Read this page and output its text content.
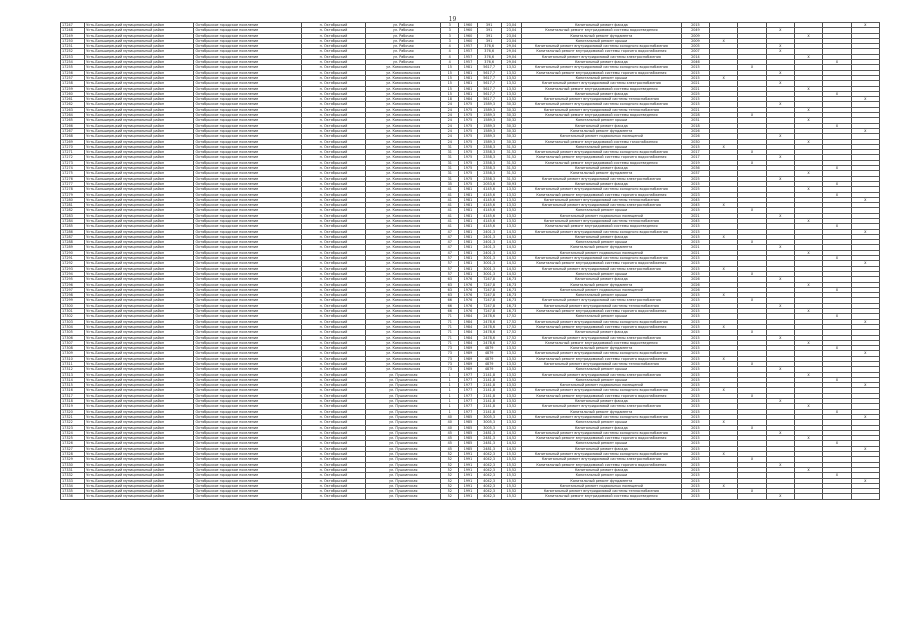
19
17247	Усть-Большерецкий муниципальный район	Октябрьское городское поселение	п. Октябрьский	ул. Рабочая	3	1960	391	23,04	Капитальный ремонт фасада	2015						X
17248	Усть-Большерецкий муниципальный район	Октябрьское городское поселение	п. Октябрьский	ул. Рабочая	3	1960	391	23,04	Капитальный ремонт внутридомовой системы водоотведения	2049			X			
17249	Усть-Большерецкий муниципальный район	Октябрьское городское поселение	п. Октябрьский	ул. Рабочая	3	1960	391	23,04	Капитальный ремонт фундамента	2009				X		
17250	Усть-Большерецкий муниципальный район	Октябрьское городское поселение	п. Октябрьский	ул. Рабочая	3	1960	391	23,04	Капитальный ремонт крыши	2009	X					
17251	Усть-Большерецкий муниципальный район	Октябрьское городское поселение	п. Октябрьский	ул. Рабочая	4	1957	376,6	29,04	Капитальный ремонт внутридомовой системы холодного водоснабжения	2005			X			
17252	Усть-Большерецкий муниципальный район	Октябрьское городское поселение	п. Октябрьский	ул. Рабочая	4	1957	376,6	29,04	Капитальный ремонт внутридомовой системы горячего водоснабжения	2007			X			
17253	Усть-Большерецкий муниципальный район	Октябрьское городское поселение	п. Октябрьский	ул. Рабочая	4	1957	376,6	29,04	Капитальный ремонт внутридомовой системы электроснабжения	2014				X		
17254	Усть-Большерецкий муниципальный район	Октябрьское городское поселение	п. Октябрьский	ул. Рабочая	4	1957	376,6	29,04	Капитальный ремонт фасада	2046					X	
17255	Усть-Большерецкий муниципальный район	Октябрьское городское поселение	п. Октябрьский	ул. Комсомольская	15	1981	5617,7	13,52	Капитальный ремонт внутридомовой системы холодного водоснабжения	2015		X				
17256	Усть-Большерецкий муниципальный район	Октябрьское городское поселение	п. Октябрьский	ул. Комсомольская	15	1981	5617,7	13,52	Капитальный ремонт внутридомовой системы горячего водоснабжения	2015			X			
17257	Усть-Большерецкий муниципальный район	Октябрьское городское поселение	п. Октябрьский	ул. Комсомольская	15	1981	5617,7	13,52	Капитальный ремонт крыши	2015	X					
17258	Усть-Большерецкий муниципальный район	Октябрьское городское поселение	п. Октябрьский	ул. Комсомольская	15	1981	5617,7	13,52	Капитальный ремонт внутридомовой системы электроснабжения	2021			X			
17259	Усть-Большерецкий муниципальный район	Октябрьское городское поселение	п. Октябрьский	ул. Комсомольская	15	1981	5617,7	13,52	Капитальный ремонт внутридомовой системы водоотведения	2021				X		
17260	Усть-Большерецкий муниципальный район	Октябрьское городское поселение	п. Октябрьский	ул. Комсомольская	15	1981	5617,7	13,52	Капитальный ремонт фасада	2025					X	
17261	Усть-Большерецкий муниципальный район	Октябрьское городское поселение	п. Октябрьский	ул. Комсомольская	18	1984	5617,7	13,52	Капитальный ремонт внутридомовой системы теплоснабжения	2015						X
17262	Усть-Большерецкий муниципальный район	Октябрьское городское поселение	п. Октябрьский	ул. Комсомольская	24	1975	1589,3	30,32	Капитальный ремонт внутридомовой системы холодного водоснабжения	2015			X			
17263	Усть-Большерецкий муниципальный район	Октябрьское городское поселение	п. Октябрьский	ул. Комсомольская	24	1975	1589,3	30,32	Капитальный ремонт внутридомовой системы теплоснабжения	2021				X		
17264	Усть-Большерецкий муниципальный район	Октябрьское городское поселение	п. Октябрьский	ул. Комсомольская	24	1975	1589,3	30,32	Капитальный ремонт внутридомовой системы водоотведения	2028		X				
17265	Усть-Большерецкий муниципальный район	Октябрьское городское поселение	п. Октябрьский	ул. Комсомольская	24	1975	1589,3	30,32	Капитальный ремонт крыши	2031				X		
17266	Усть-Большерецкий муниципальный район	Октябрьское городское поселение	п. Октябрьский	ул. Комсомольская	24	1975	1589,3	30,32	Капитальный ремонт фасада	2018					X	
17267	Усть-Большерецкий муниципальный район	Октябрьское городское поселение	п. Октябрьский	ул. Комсомольская	24	1975	1589,3	30,32	Капитальный ремонт фундамента	2026						X
17268	Усть-Большерецкий муниципальный район	Октябрьское городское поселение	п. Октябрьский	ул. Комсомольская	24	1975	1589,3	30,32	Капитальный ремонт подвальных помещений	2026			X			
17269	Усть-Большерецкий муниципальный район	Октябрьское городское поселение	п. Октябрьский	ул. Комсомольская	24	1975	1589,3	30,32	Капитальный ремонт внутридомовой системы газоснабжения	2030				X		
17270	Усть-Большерецкий муниципальный район	Октябрьское городское поселение	п. Октябрьский	ул. Комсомольская	31	1975	2358,3	31,52	Капитальный ремонт крыши	2015	X					
17271	Усть-Большерецкий муниципальный район	Октябрьское городское поселение	п. Октябрьский	ул. Комсомольская	31	1975	2358,3	31,52	Капитальный ремонт внутридомовой системы холодного водоснабжения	2017		X				
17272	Усть-Большерецкий муниципальный район	Октябрьское городское поселение	п. Октябрьский	ул. Комсомольская	31	1975	2358,3	31,52	Капитальный ремонт внутридомовой системы горячего водоснабжения	2017			X			
17273	Усть-Большерецкий муниципальный район	Октябрьское городское поселение	п. Октябрьский	ул. Комсомольская	31	1975	2358,3	31,52	Капитальный ремонт внутридомовой системы водоотведения	2019		X				
17274	Усть-Большерецкий муниципальный район	Октябрьское городское поселение	п. Октябрьский	ул. Комсомольская	31	1975	2358,3	31,52	Капитальный ремонт фасада	2036					X	
17275	Усть-Большерецкий муниципальный район	Октябрьское городское поселение	п. Октябрьский	ул. Комсомольская	31	1975	2358,3	31,52	Капитальный ремонт фундамента	2037				X		
17276	Усть-Большерецкий муниципальный район	Октябрьское городское поселение	п. Октябрьский	ул. Комсомольская	31	1975	2358,3	31,52	Капитальный ремонт внутридомовой системы электроснабжения	2025			X			
17277	Усть-Большерецкий муниципальный район	Октябрьское городское поселение	п. Октябрьский	ул. Комсомольская	35	1975	2053,6	30,93	Капитальный ремонт фасада	2015					X	
17278	Усть-Большерецкий муниципальный район	Октябрьское городское поселение	п. Октябрьский	ул. Комсомольская	41	1981	4145,6	13,52	Капитальный ремонт внутридомовой системы холодного водоснабжения	2025				X		
17279	Усть-Большерецкий муниципальный район	Октябрьское городское поселение	п. Октябрьский	ул. Комсомольская	41	1981	4145,6	13,52	Капитальный ремонт внутридомовой системы горячего водоснабжения	2023					X	
17280	Усть-Большерецкий муниципальный район	Октябрьское городское поселение	п. Октябрьский	ул. Комсомольская	41	1981	4145,6	13,52	Капитальный ремонт внутридомовой системы теплоснабжения	2045						X
17281	Усть-Большерецкий муниципальный район	Октябрьское городское поселение	п. Октябрьский	ул. Комсомольская	41	1981	4145,6	13,52	Капитальный ремонт внутридомовой системы электроснабжения	2045	X					
17282	Усть-Большерецкий муниципальный район	Октябрьское городское поселение	п. Октябрьский	ул. Комсомольская	41	1981	4145,6	13,52	Капитальный ремонт крыши	2015		X				
17283	Усть-Большерецкий муниципальный район	Октябрьское городское поселение	п. Октябрьский	ул. Комсомольская	41	1981	4145,6	13,52	Капитальный ремонт подвальных помещений	2021			X			
17284	Усть-Большерецкий муниципальный район	Октябрьское городское поселение	п. Октябрьский	ул. Комсомольская	41	1981	4145,6	13,52	Капитальный ремонт внутридомовой системы теплоснабжения	2045				X		
17285	Усть-Большерецкий муниципальный район	Октябрьское городское поселение	п. Октябрьский	ул. Комсомольская	41	1981	4145,6	13,52	Капитальный ремонт внутридомовой системы водоотведения	2015					X	
17286	Усть-Большерецкий муниципальный район	Октябрьское городское поселение	п. Октябрьский	ул. Комсомольская	47	1981	2401,3	14,52	Капитальный ремонт внутридомовой системы холодного водоснабжения	2015						X
17287	Усть-Большерецкий муниципальный район	Октябрьское городское поселение	п. Октябрьский	ул. Комсомольская	47	1981	2401,3	14,52	Капитальный ремонт фасада	2015	X					
17288	Усть-Большерецкий муниципальный район	Октябрьское городское поселение	п. Октябрьский	ул. Комсомольская	47	1981	2401,3	14,52	Капитальный ремонт крыши	2015		X				
17289	Усть-Большерецкий муниципальный район	Октябрьское городское поселение	п. Октябрьский	ул. Комсомольская	47	1981	2401,3	14,52	Капитальный ремонт фундамента	2021			X			
17290	Усть-Большерецкий муниципальный район	Октябрьское городское поселение	п. Октябрьский	ул. Комсомольская	47	1981	2401,3	14,52	Капитальный ремонт подвальных помещений	2021				X		
17291	Усть-Большерецкий муниципальный район	Октябрьское городское поселение	п. Октябрьский	ул. Комсомольская	57	1981	3001,3	14,52	Капитальный ремонт внутридомовой системы холодного водоснабжения	2015					X	
17292	Усть-Большерецкий муниципальный район	Октябрьское городское поселение	п. Октябрьский	ул. Комсомольская	57	1981	3001,3	14,52	Капитальный ремонт внутридомовой системы горячего водоснабжения	2015						X
17293	Усть-Большерецкий муниципальный район	Октябрьское городское поселение	п. Октябрьский	ул. Комсомольская	57	1981	3001,3	14,52	Капитальный ремонт внутридомовой системы электроснабжения	2015	X					
17294	Усть-Большерецкий муниципальный район	Октябрьское городское поселение	п. Октябрьский	ул. Комсомольская	57	1981	3001,3	14,52	Капитальный ремонт крыши	2015		X				
17295	Усть-Большерецкий муниципальный район	Октябрьское городское поселение	п. Октябрьский	ул. Комсомольская	63	1976	7247,8	16,73	Капитальный ремонт фасада	2026			X			
17296	Усть-Большерецкий муниципальный район	Октябрьское городское поселение	п. Октябрьский	ул. Комсомольская	63	1976	7247,8	16,73	Капитальный ремонт фундамента	2026				X		
17297	Усть-Большерецкий муниципальный район	Октябрьское городское поселение	п. Октябрьский	ул. Комсомольская	63	1976	7247,8	16,73	Капитальный ремонт подвальных помещений	2026					X	
17298	Усть-Большерецкий муниципальный район	Октябрьское городское поселение	п. Октябрьский	ул. Комсомольская	63	1976	7247,8	16,73	Капитальный ремонт крыши	2015	X					
17299	Усть-Большерецкий муниципальный район	Октябрьское городское поселение	п. Октябрьский	ул. Комсомольская	66	1976	7247,8	16,73	Капитальный ремонт внутридомовой системы электроснабжения	2015		X				
17300	Усть-Большерецкий муниципальный район	Октябрьское городское поселение	п. Октябрьский	ул. Комсомольская	66	1976	7247,8	16,73	Капитальный ремонт внутридомовой системы теплоснабжения	2015			X			
17301	Усть-Большерецкий муниципальный район	Октябрьское городское поселение	п. Октябрьский	ул. Комсомольская	66	1976	7247,8	16,73	Капитальный ремонт внутридомовой системы горячего водоснабжения	2015				X		
17302	Усть-Большерецкий муниципальный район	Октябрьское городское поселение	п. Октябрьский	ул. Комсомольская	71	1984	2478,6	17,52	Капитальный ремонт крыши	2015					X	
17303	Усть-Большерецкий муниципальный район	Октябрьское городское поселение	п. Октябрьский	ул. Комсомольская	71	1984	2478,6	17,52	Капитальный ремонт внутридомовой системы холодного водоснабжения	2015						X
17304	Усть-Большерецкий муниципальный район	Октябрьское городское поселение	п. Октябрьский	ул. Комсомольская	71	1984	2478,6	17,52	Капитальный ремонт внутридомовой системы горячего водоснабжения	2015	X					
17305	Усть-Большерецкий муниципальный район	Октябрьское городское поселение	п. Октябрьский	ул. Комсомольская	71	1984	2478,6	17,52	Капитальный ремонт фасада	2015		X				
17306	Усть-Большерецкий муниципальный район	Октябрьское городское поселение	п. Октябрьский	ул. Комсомольская	71	1984	2478,6	17,52	Капитальный ремонт внутридомовой системы электроснабжения	2015			X			
17307	Усть-Большерецкий муниципальный район	Октябрьское городское поселение	п. Октябрьский	ул. Комсомольская	71	1984	2478,6	17,52	Капитальный ремонт внутридомовой системы водоотведения	2015				X		
17308	Усть-Большерецкий муниципальный район	Октябрьское городское поселение	п. Октябрьский	ул. Комсомольская	73	1989	4879	13,52	Капитальный ремонт фундамента	2015					X	
17309	Усть-Большерецкий муниципальный район	Октябрьское городское поселение	п. Октябрьский	ул. Комсомольская	73	1989	4879	13,52	Капитальный ремонт внутридомовой системы холодного водоснабжения	2015						X
17310	Усть-Большерецкий муниципальный район	Октябрьское городское поселение	п. Октябрьский	ул. Комсомольская	73	1989	4879	13,52	Капитальный ремонт внутридомовой системы горячего водоснабжения	2015	X					
17311	Усть-Большерецкий муниципальный район	Октябрьское городское поселение	п. Октябрьский	ул. Комсомольская	73	1989	4879	13,52	Капитальный ремонт внутридомовой системы теплоснабжения	2015		X				
17312	Усть-Большерецкий муниципальный район	Октябрьское городское поселение	п. Октябрьский	ул. Комсомольская	73	1989	4879	13,52	Капитальный ремонт крыши	2015			X			
17313	Усть-Большерецкий муниципальный район	Октябрьское городское поселение	п. Октябрьский	ул. Пушкинская	1	1977	2141,8	13,52	Капитальный ремонт внутридомовой системы электроснабжения	2015				X		
17314	Усть-Большерецкий муниципальный район	Октябрьское городское поселение	п. Октябрьский	ул. Пушкинская	1	1977	2141,8	13,52	Капитальный ремонт крыши	2015					X	
17315	Усть-Большерецкий муниципальный район	Октябрьское городское поселение	п. Октябрьский	ул. Пушкинская	1	1977	2141,8	13,52	Капитальный ремонт подвальных помещений	2015						X
17316	Усть-Большерецкий муниципальный район	Октябрьское городское поселение	п. Октябрьский	ул. Пушкинская	1	1977	2141,8	13,52	Капитальный ремонт внутридомовой системы холодного водоснабжения	2015	X					
17317	Усть-Большерецкий муниципальный район	Октябрьское городское поселение	п. Октябрьский	ул. Пушкинская	1	1977	2141,8	13,52	Капитальный ремонт внутридомовой системы горячего водоснабжения	2015		X				
17318	Усть-Большерецкий муниципальный район	Октябрьское городское поселение	п. Октябрьский	ул. Пушкинская	1	1977	2141,8	13,52	Капитальный ремонт фасада	2015			X			
17319	Усть-Большерецкий муниципальный район	Октябрьское городское поселение	п. Октябрьский	ул. Пушкинская	1	1977	2141,8	13,52	Капитальный ремонт внутридомовой системы электроснабжения	2015				X		
17320	Усть-Большерецкий муниципальный район	Октябрьское городское поселение	п. Октябрьский	ул. Пушкинская	1	1977	2141,8	13,52	Капитальный ремонт фундамента	2015					X	
17321	Усть-Большерецкий муниципальный район	Октябрьское городское поселение	п. Октябрьский	ул. Пушкинская	40	1985	3005,3	13,52	Капитальный ремонт внутридомовой системы холодного водоснабжения	2015						X
17322	Усть-Большерецкий муниципальный район	Октябрьское городское поселение	п. Октябрьский	ул. Пушкинская	40	1985	3005,3	13,52	Капитальный ремонт крыши	2015	X					
17323	Усть-Большерецкий муниципальный район	Октябрьское городское поселение	п. Октябрьский	ул. Пушкинская	40	1985	3005,3	13,52	Капитальный ремонт фасада	2015		X				
17324	Усть-Большерецкий муниципальный район	Октябрьское городское поселение	п. Октябрьский	ул. Пушкинская	45	1985	2481,3	14,52	Капитальный ремонт внутридомовой системы холодного водоснабжения	2015			X			
17325	Усть-Большерецкий муниципальный район	Октябрьское городское поселение	п. Октябрьский	ул. Пушкинская	45	1985	2481,3	14,52	Капитальный ремонт внутридомовой системы горячего водоснабжения	2015				X		
17326	Усть-Большерецкий муниципальный район	Октябрьское городское поселение	п. Октябрьский	ул. Пушкинская	45	1985	2481,3	14,52	Капитальный ремонт крыши	2015					X	
17327	Усть-Большерецкий муниципальный район	Октябрьское городское поселение	п. Октябрьский	ул. Пушкинская	45	1985	2481,3	14,52	Капитальный ремонт фасада	2015						X
17328	Усть-Большерецкий муниципальный район	Октябрьское городское поселение	п. Октябрьский	ул. Пушкинская	52	1991	4042,3	15,52	Капитальный ремонт внутридомовой системы холодного водоснабжения	2015	X					
17329	Усть-Большерецкий муниципальный район	Октябрьское городское поселение	п. Октябрьский	ул. Пушкинская	52	1991	4042,3	15,52	Капитальный ремонт внутридомовой системы электроснабжения	2015		X				
17330	Усть-Большерецкий муниципальный район	Октябрьское городское поселение	п. Октябрьский	ул. Пушкинская	52	1991	4042,3	15,52	Капитальный ремонт внутридомовой системы горячего водоснабжения	2015			X			
17331	Усть-Большерецкий муниципальный район	Октябрьское городское поселение	п. Октябрьский	ул. Пушкинская	52	1991	4042,3	15,52	Капитальный ремонт фасада	2015				X		
17332	Усть-Большерецкий муниципальный район	Октябрьское городское поселение	п. Октябрьский	ул. Пушкинская	52	1991	4042,3	15,52	Капитальный ремонт крыши	2015					X	
17333	Усть-Большерецкий муниципальный район	Октябрьское городское поселение	п. Октябрьский	ул. Пушкинская	52	1991	4042,3	15,52	Капитальный ремонт фундамента	2015						X
17334	Усть-Большерецкий муниципальный район	Октябрьское городское поселение	п. Октябрьский	ул. Пушкинская	52	1991	4042,3	15,52	Капитальный ремонт подвальных помещений	2015	X					
17335	Усть-Большерецкий муниципальный район	Октябрьское городское поселение	п. Октябрьский	ул. Пушкинская	52	1991	4042,3	15,52	Капитальный ремонт внутридомовой системы теплоснабжения	2015		X				
17336	Усть-Большерецкий муниципальный район	Октябрьское городское поселение	п. Октябрьский	ул. Пушкинская	52	1991	4042,3	15,52	Капитальный ремонт внутридомовой системы водоотведения	2015			X			
